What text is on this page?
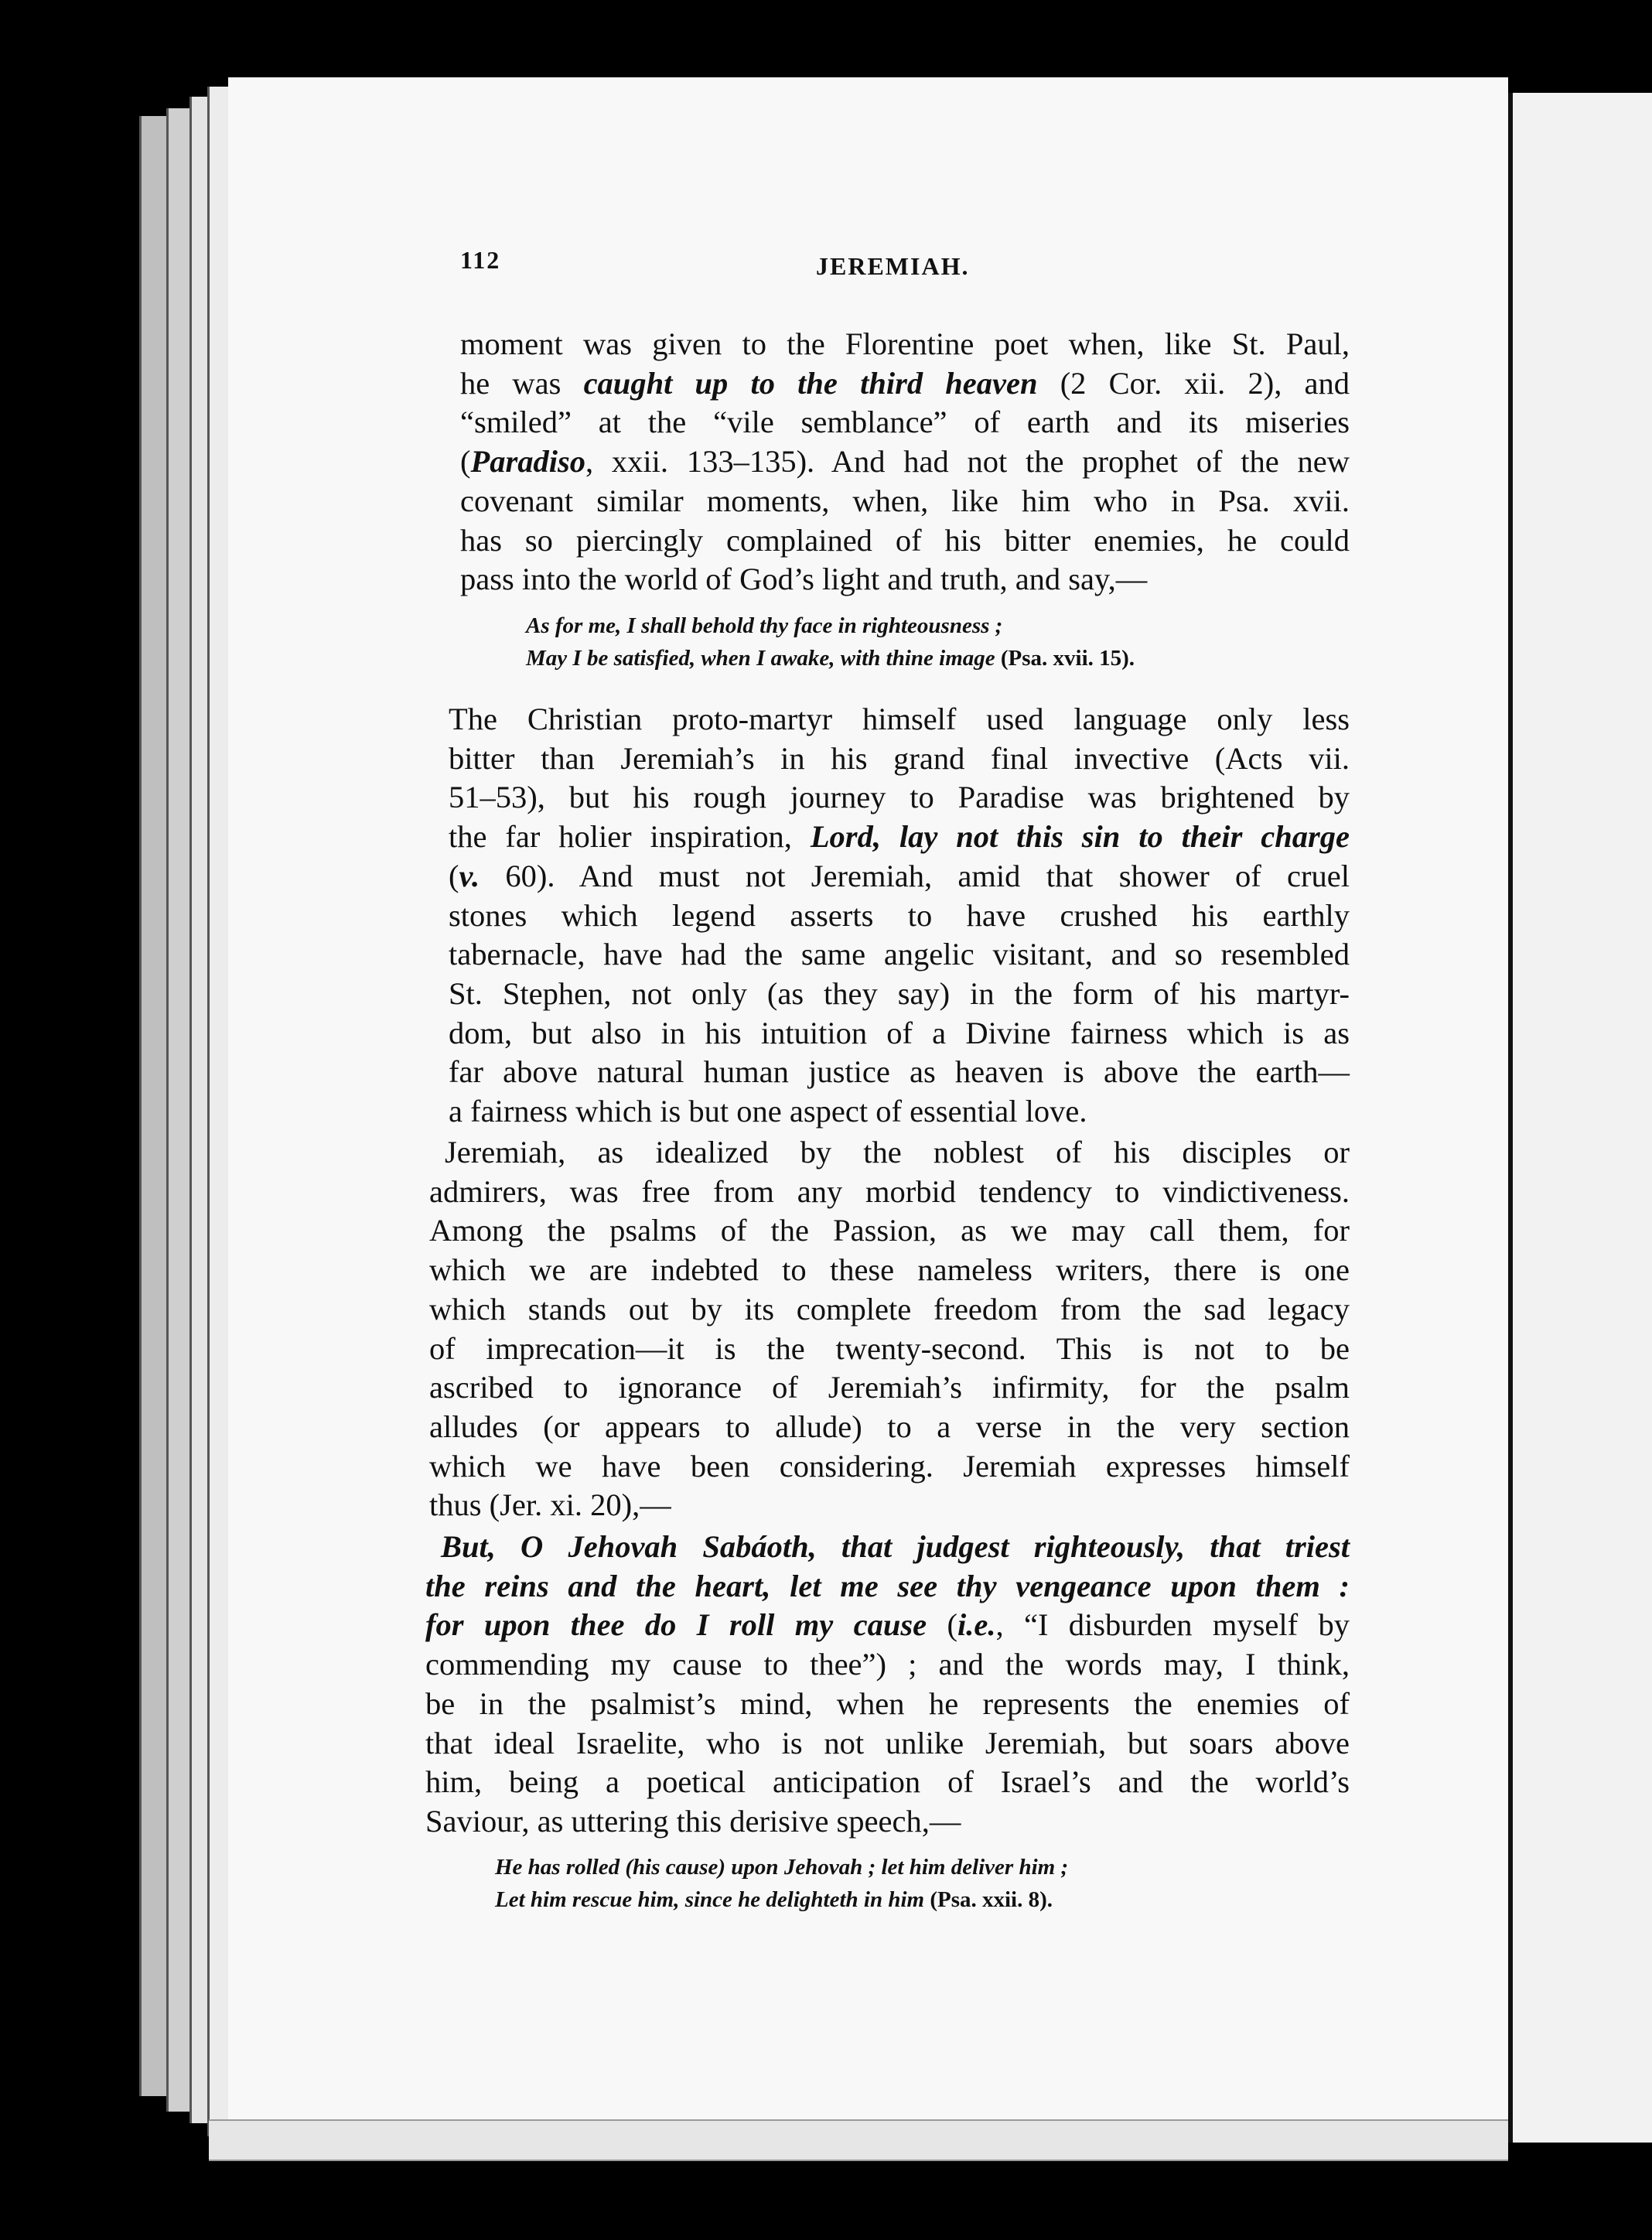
112	JEREMIAH.
moment was given to the Florentine poet when, like St. Paul,
he was caught up to the third heaven (2 Cor. xii. 2), and
“smiled” at the “vile semblance” of earth and its miseries
(Paradiso, xxii. 133–135). And had not the prophet of the new
covenant similar moments, when, like him who in Psa. xvii.
has so piercingly complained of his bitter enemies, he could
pass into the world of God’s light and truth, and say,—
As for me, I shall behold thy face in righteousness ;
May I be satisfied, when I awake, with thine image (Psa. xvii. 15).
The Christian proto-martyr himself used language only less
bitter than Jeremiah’s in his grand final invective (Acts vii.
51–53), but his rough journey to Paradise was brightened by
the far holier inspiration, Lord, lay not this sin to their charge
(v. 60). And must not Jeremiah, amid that shower of cruel
stones which legend asserts to have crushed his earthly
tabernacle, have had the same angelic visitant, and so resembled
St. Stephen, not only (as they say) in the form of his martyr-
dom, but also in his intuition of a Divine fairness which is as
far above natural human justice as heaven is above the earth—
a fairness which is but one aspect of essential love.
Jeremiah, as idealized by the noblest of his disciples or
admirers, was free from any morbid tendency to vindictiveness.
Among the psalms of the Passion, as we may call them, for
which we are indebted to these nameless writers, there is one
which stands out by its complete freedom from the sad legacy
of imprecation—it is the twenty-second. This is not to be
ascribed to ignorance of Jeremiah’s infirmity, for the psalm
alludes (or appears to allude) to a verse in the very section
which we have been considering. Jeremiah expresses himself
thus (Jer. xi. 20),—
But, O Jehovah Sabáoth, that judgest righteously, that triest
the reins and the heart, let me see thy vengeance upon them :
for upon thee do I roll my cause (i.e., “I disburden myself by
commending my cause to thee”) ; and the words may, I think,
be in the psalmist’s mind, when he represents the enemies of
that ideal Israelite, who is not unlike Jeremiah, but soars above
him, being a poetical anticipation of Israel’s and the world’s
Saviour, as uttering this derisive speech,—
He has rolled (his cause) upon Jehovah ; let him deliver him ;
Let him rescue him, since he delighteth in him (Psa. xxii. 8).
